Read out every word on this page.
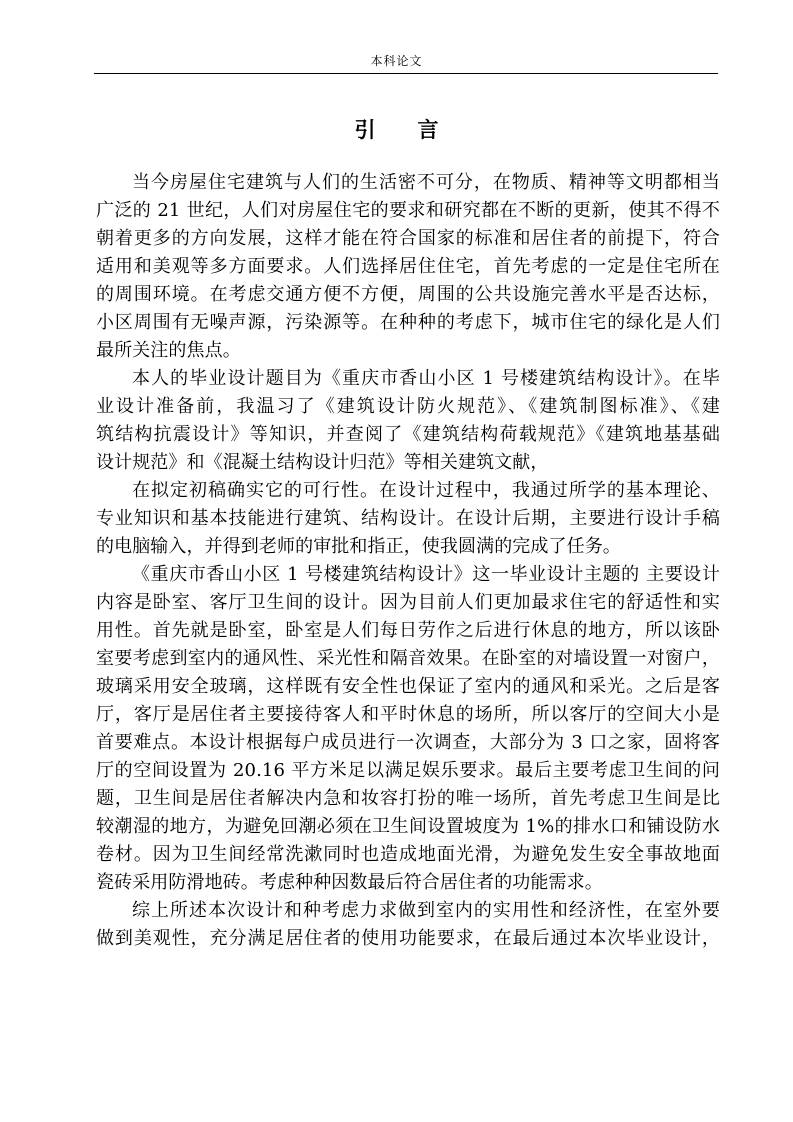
本科论文
引 言

当今房屋住宅建筑与人们的生活密不可分，在物质、精神等文明都相当
广泛的 21 世纪，人们对房屋住宅的要求和研究都在不断的更新，使其不得不
朝着更多的方向发展，这样才能在符合国家的标准和居住者的前提下，符合
适用和美观等多方面要求。人们选择居住住宅，首先考虑的一定是住宅所在
的周围环境。在考虑交通方便不方便，周围的公共设施完善水平是否达标，
小区周围有无噪声源，污染源等。在种种的考虑下，城市住宅的绿化是人们
最所关注的焦点。

本人的毕业设计题目为《重庆市香山小区 1 号楼建筑结构设计》。在毕
业设计准备前，我温习了《建筑设计防火规范》、《建筑制图标准》、《建
筑结构抗震设计》等知识，并查阅了《建筑结构荷载规范》《建筑地基基础
设计规范》和《混凝土结构设计归范》等相关建筑文献，

在拟定初稿确实它的可行性。在设计过程中，我通过所学的基本理论、
专业知识和基本技能进行建筑、结构设计。在设计后期，主要进行设计手稿
的电脑输入，并得到老师的审批和指正，使我圆满的完成了任务。

《重庆市香山小区 1 号楼建筑结构设计》这一毕业设计主题的 主要设计
内容是卧室、客厅卫生间的设计。因为目前人们更加最求住宅的舒适性和实
用性。首先就是卧室，卧室是人们每日劳作之后进行休息的地方，所以该卧
室要考虑到室内的通风性、采光性和隔音效果。在卧室的对墙设置一对窗户，
玻璃采用安全玻璃，这样既有安全性也保证了室内的通风和采光。之后是客
厅，客厅是居住者主要接待客人和平时休息的场所，所以客厅的空间大小是
首要难点。本设计根据每户成员进行一次调查，大部分为 3 口之家，固将客
厅的空间设置为 20.16 平方米足以满足娱乐要求。最后主要考虑卫生间的问
题，卫生间是居住者解决内急和妆容打扮的唯一场所，首先考虑卫生间是比
较潮湿的地方，为避免回潮必须在卫生间设置坡度为 1%的排水口和铺设防水
卷材。因为卫生间经常洗漱同时也造成地面光滑，为避免发生安全事故地面
瓷砖采用防滑地砖。考虑种种因数最后符合居住者的功能需求。

综上所述本次设计和种考虑力求做到室内的实用性和经济性，在室外要
做到美观性，充分满足居住者的使用功能要求，在最后通过本次毕业设计，
